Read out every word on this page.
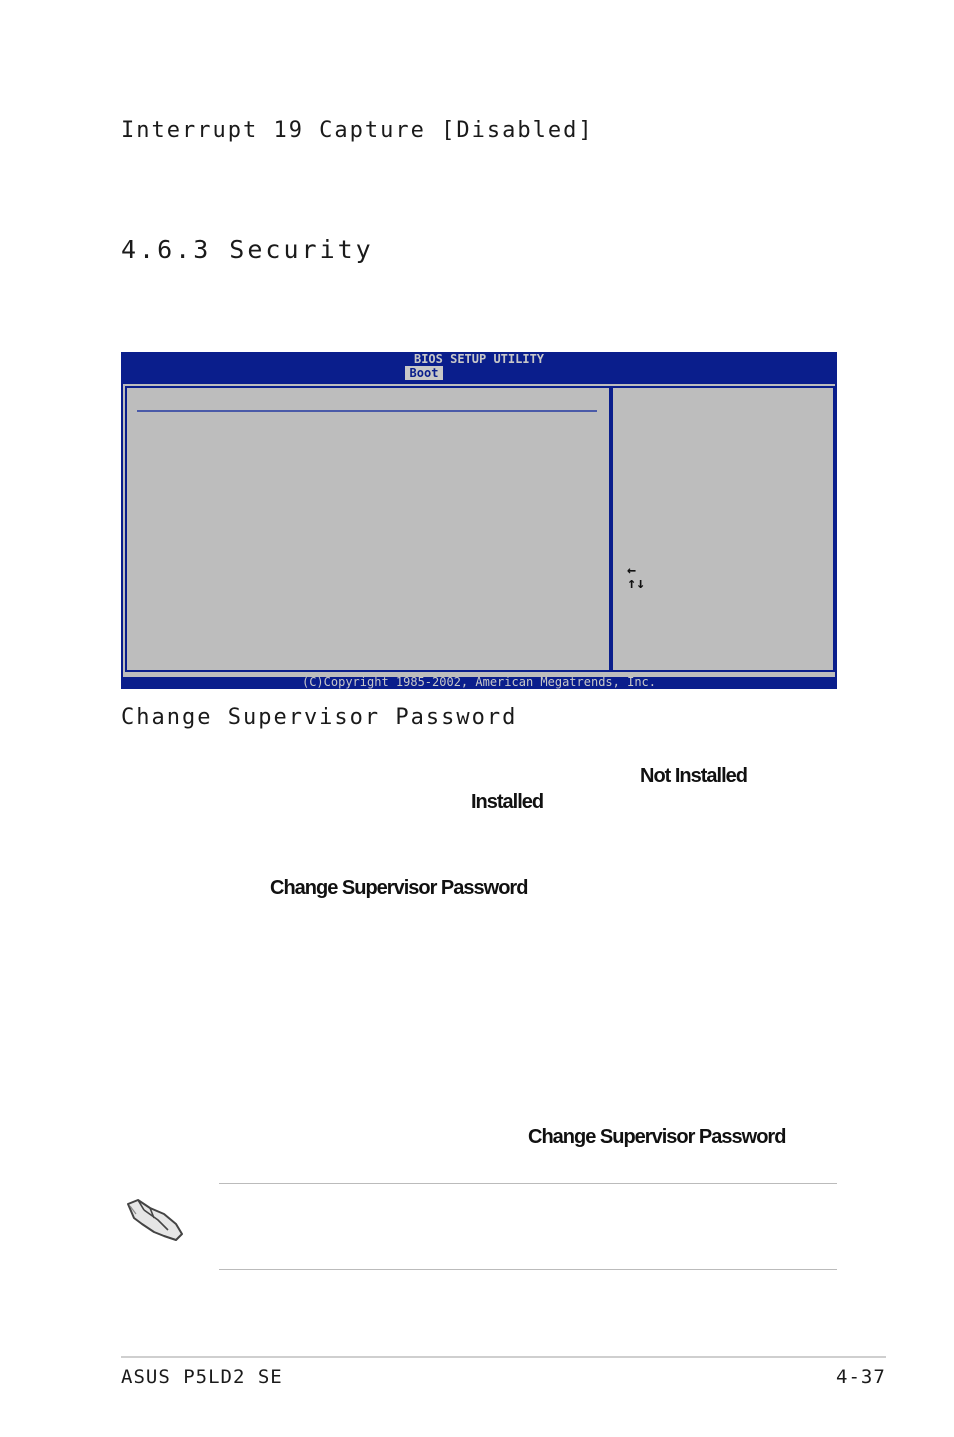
Interrupt 19 Capture [Disabled]
4.6.3 Security
BIOS SETUP UTILITY
Boot
←
↑↓
(C)Copyright 1985-2002, American Megatrends, Inc.
Change Supervisor Password
Not Installed
Installed
Change Supervisor Password
Change Supervisor Password
ASUS P5LD2 SE	4-37
